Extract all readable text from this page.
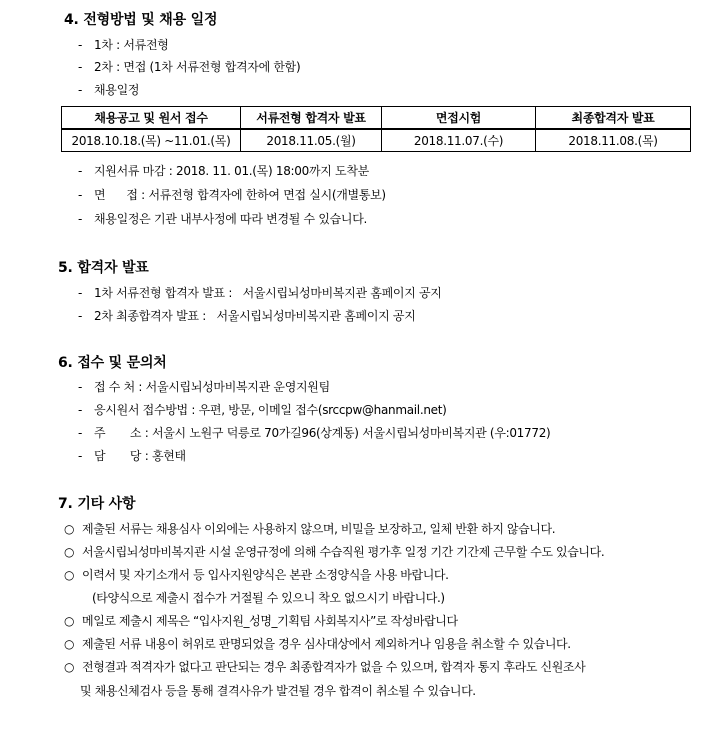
4. 전형방법 및 채용 일정
- 1차 : 서류전형
- 2차 : 면접 (1차 서류전형 합격자에 한함)
- 채용일정
채용공고 및 원서 접수	서류전형 합격자 발표	면접시험	최종합격자 발표
2018.10.18.(목) ~11.01.(목)	2018.11.05.(월)	2018.11.07.(수)	2018.11.08.(목)
- 지원서류 마감 : 2018. 11. 01.(목) 18:00까지 도착분
- 면      접 : 서류전형 합격자에 한하여 면접 실시(개별통보)
- 채용일정은 기관 내부사정에 따라 변경될 수 있습니다.
5. 합격자 발표
- 1차 서류전형 합격자 발표 :   서울시립뇌성마비복지관 홈페이지 공지
- 2차 최종합격자 발표 :   서울시립뇌성마비복지관 홈페이지 공지
6. 접수 및 문의처
- 접 수 처 : 서울시립뇌성마비복지관 운영지원팀
- 응시원서 접수방법 : 우편, 방문, 이메일 접수(srccpw@hanmail.net)
- 주       소 : 서울시 노원구 덕릉로 70가길96(상계동) 서울시립뇌성마비복지관 (우:01772)
- 담       당 : 홍현태
7. 기타 사항
○ 제출된 서류는 채용심사 이외에는 사용하지 않으며, 비밀을 보장하고, 일체 반환 하지 않습니다.
○ 서울시립뇌성마비복지관 시설 운영규정에 의해 수습직원 평가후 일정 기간 기간제 근무할 수도 있습니다.
○ 이력서 및 자기소개서 등 입사지원양식은 본관 소정양식을 사용 바랍니다.
(타양식으로 제출시 접수가 거절될 수 있으니 착오 없으시기 바랍니다.)
○ 메일로 제출시 제목은 “입사지원_성명_기획팀 사회복지사”로 작성바랍니다
○ 제출된 서류 내용이 허위로 판명되었을 경우 심사대상에서 제외하거나 임용을 취소할 수 있습니다.
○ 전형결과 적격자가 없다고 판단되는 경우 최종합격자가 없을 수 있으며, 합격자 통지 후라도 신원조사
및 채용신체검사 등을 통해 결격사유가 발견될 경우 합격이 취소될 수 있습니다.
